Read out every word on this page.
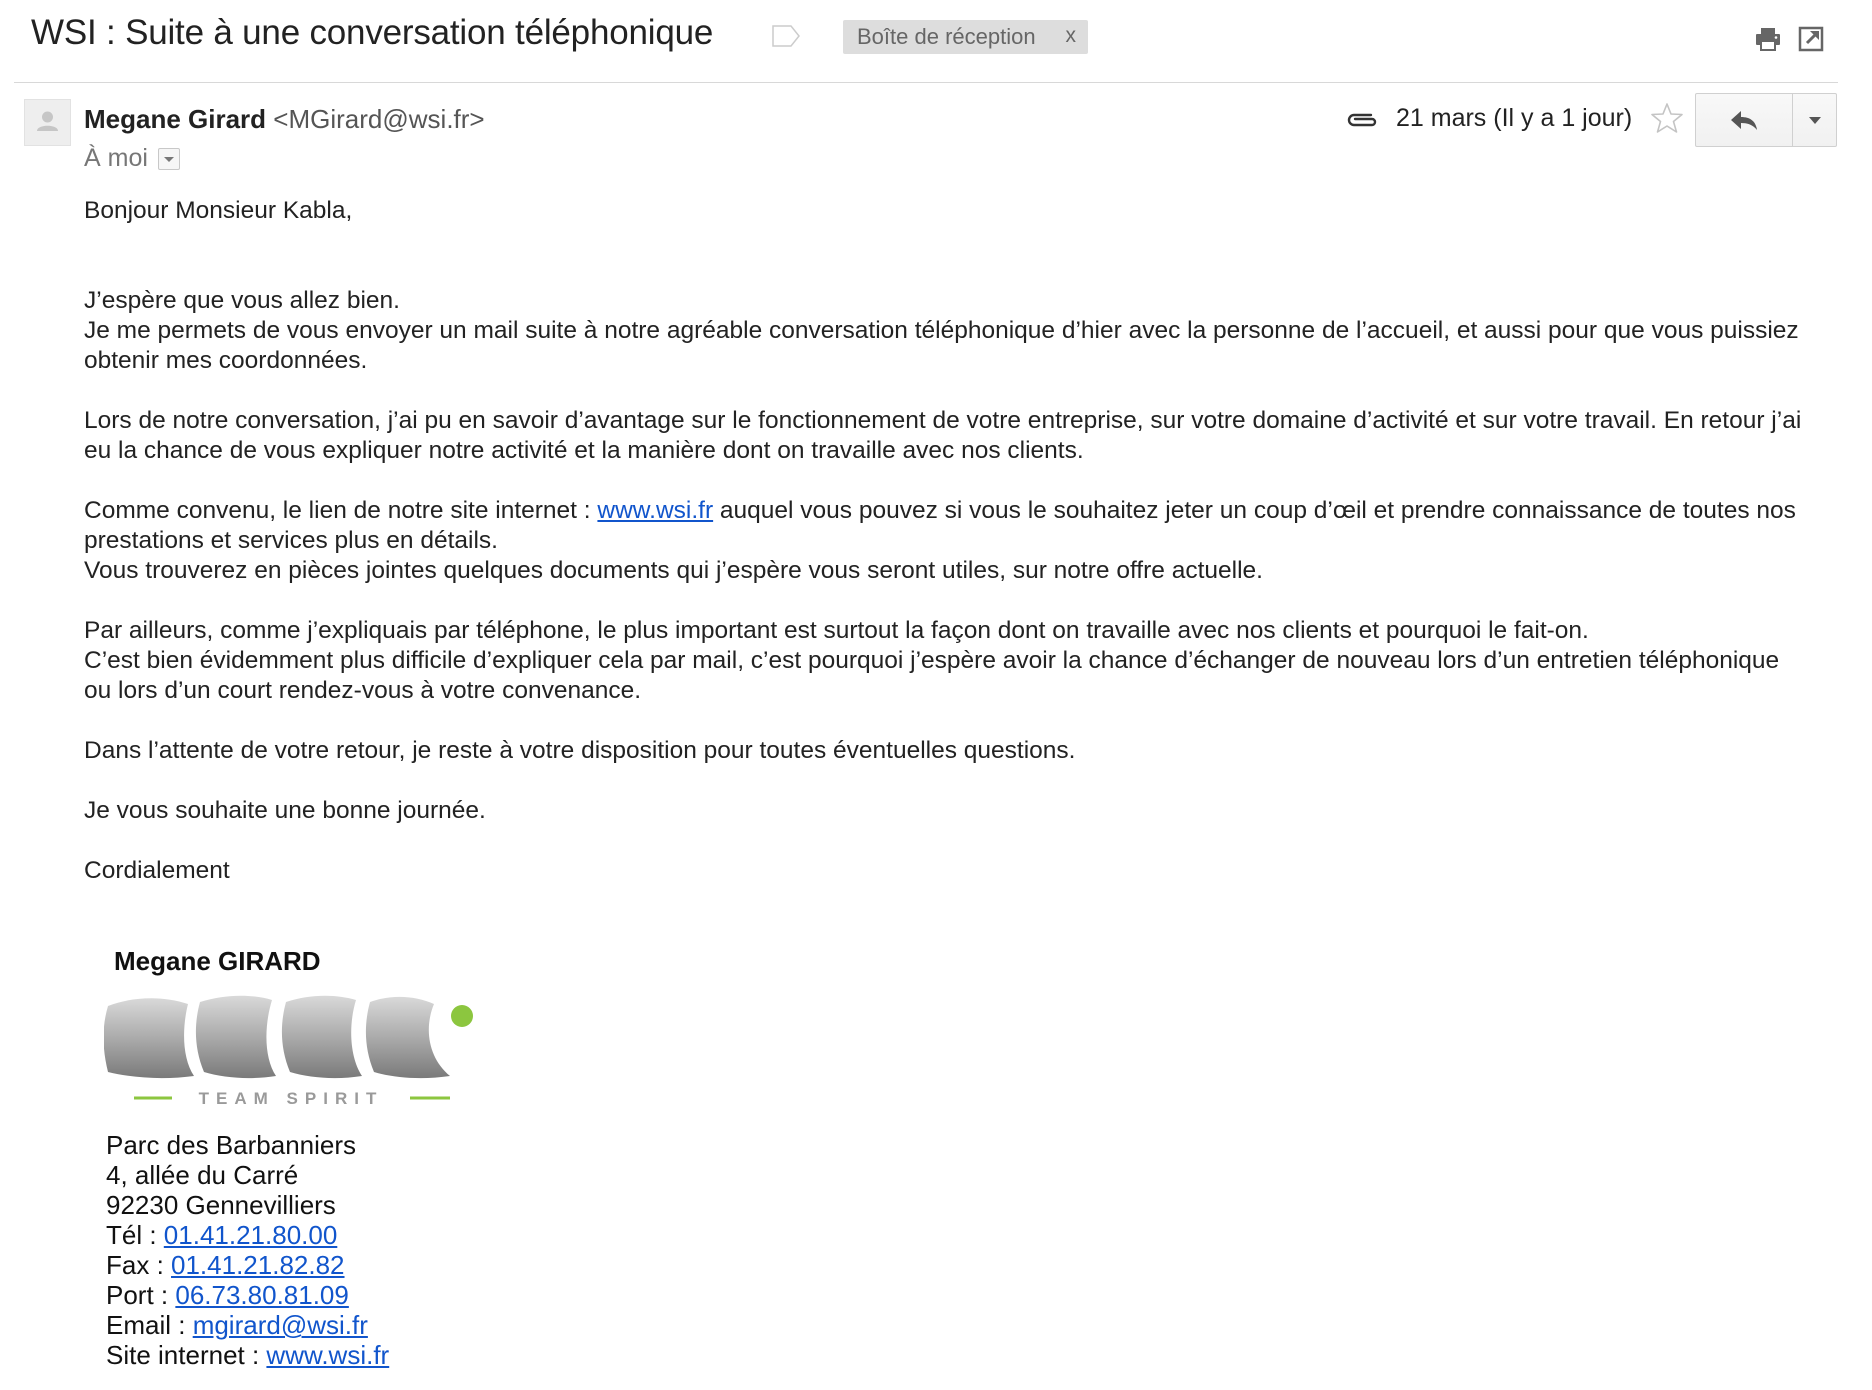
WSI : Suite à une conversation téléphonique	Boîte de réception x
Megane Girard <MGirard@wsi.fr>
À moi
21 mars (Il y a 1 jour)

Bonjour Monsieur Kabla,

J’espère que vous allez bien.

Je me permets de vous envoyer un mail suite à notre agréable conversation téléphonique d’hier avec la personne de l’accueil, et aussi pour que vous puissiez obtenir mes coordonnées.

Lors de notre conversation, j’ai pu en savoir d’avantage sur le fonctionnement de votre entreprise, sur votre domaine d’activité et sur votre travail. En retour j’ai eu la chance de vous expliquer notre activité et la manière dont on travaille avec nos clients.

Comme convenu, le lien de notre site internet : www.wsi.fr auquel vous pouvez si vous le souhaitez jeter un coup d’œil et prendre connaissance de toutes nos prestations et services plus en détails.

Vous trouverez en pièces jointes quelques documents qui j’espère vous seront utiles, sur notre offre actuelle.

Par ailleurs, comme j’expliquais par téléphone, le plus important est surtout la façon dont on travaille avec nos clients et pourquoi le fait-on.

C’est bien évidemment plus difficile d’expliquer cela par mail, c’est pourquoi j’espère avoir la chance d’échanger de nouveau lors d’un entretien téléphonique ou lors d’un court rendez-vous à votre convenance.

Dans l’attente de votre retour, je reste à votre disposition pour toutes éventuelles questions.

Je vous souhaite une bonne journée.

Cordialement

Megane GIRARD
TEAM SPIRIT
Parc des Barbanniers
4, allée du Carré
92230 Gennevilliers
Tél : 01.41.21.80.00
Fax : 01.41.21.82.82
Port : 06.73.80.81.09
Email : mgirard@wsi.fr
Site internet : www.wsi.fr
